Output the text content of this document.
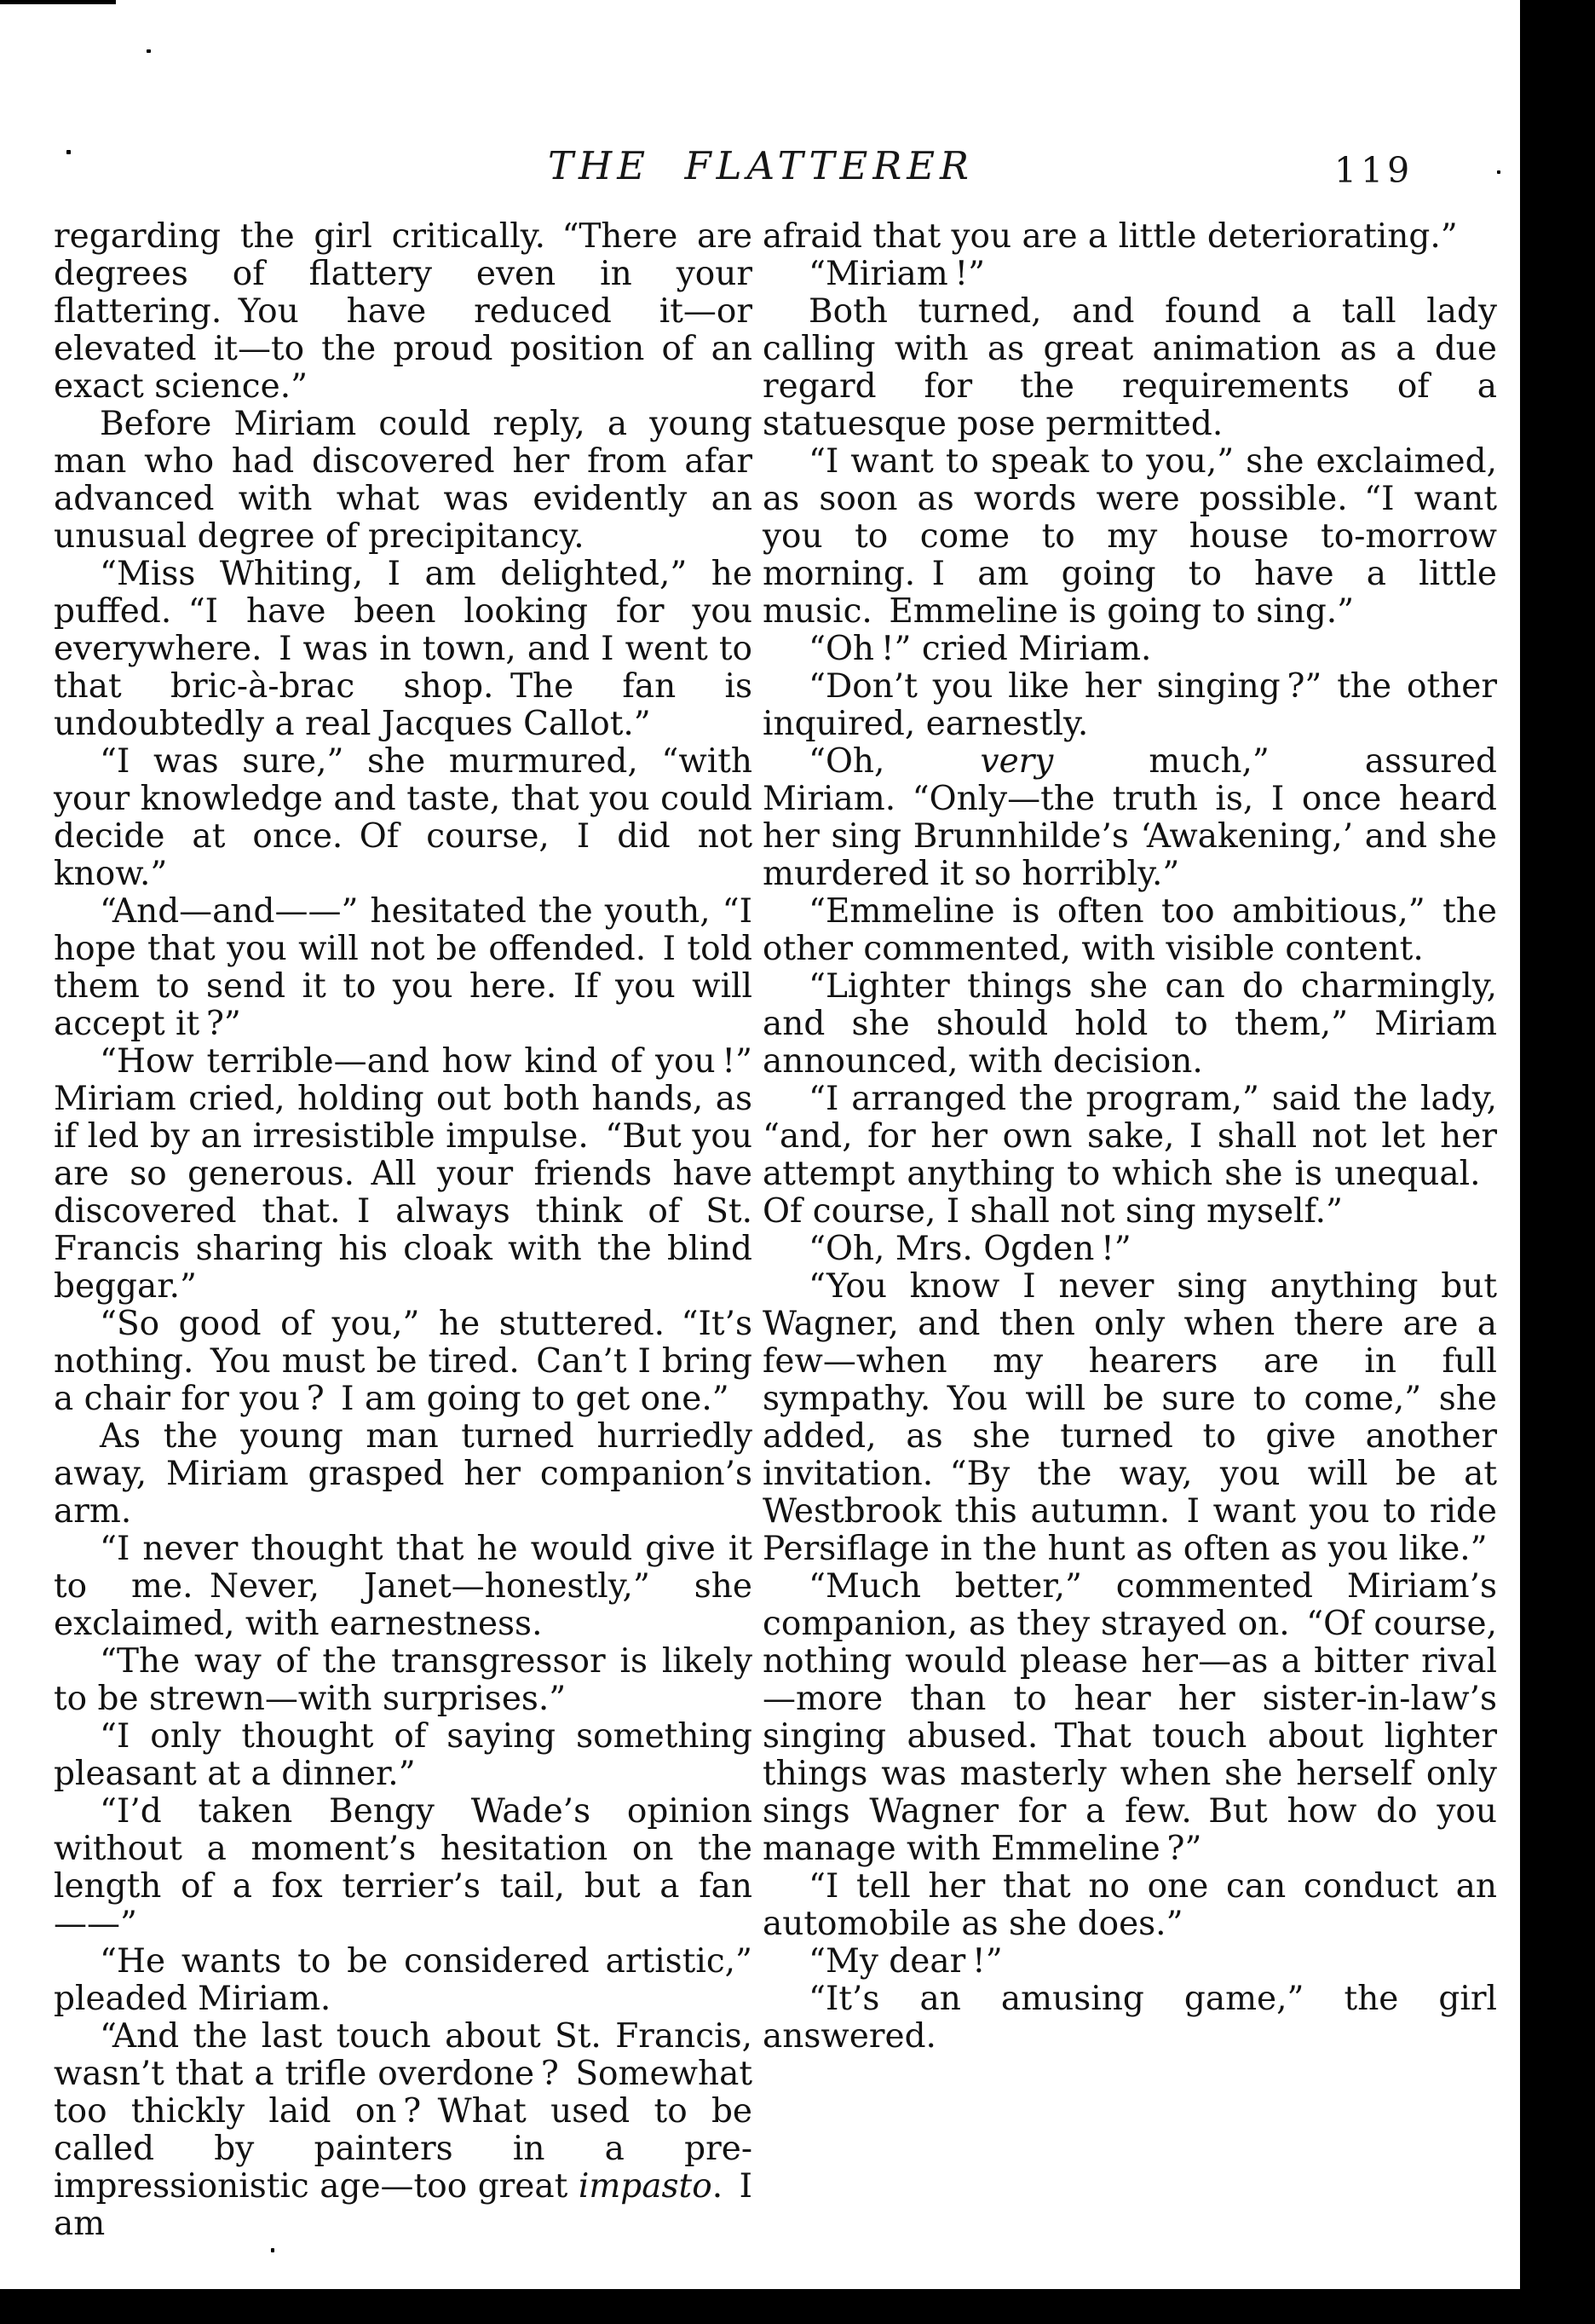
THE FLATTERER	119

regarding the girl critically. “There are degrees of flattery even in your flattering. You have reduced it—or elevated it—to the proud position of an exact science.”

Before Miriam could reply, a young man who had discovered her from afar advanced with what was evidently an unusual degree of precipitancy.

“Miss Whiting, I am delighted,” he puffed. “I have been looking for you everywhere. I was in town, and I went to that bric-à-brac shop. The fan is undoubtedly a real Jacques Callot.”

“I was sure,” she murmured, “with your knowledge and taste, that you could decide at once. Of course, I did not know.”

“And—and——” hesitated the youth, “I hope that you will not be offended. I told them to send it to you here. If you will accept it ?”

“How terrible—and how kind of you !” Miriam cried, holding out both hands, as if led by an irresistible impulse. “But you are so generous. All your friends have discovered that. I always think of St. Francis sharing his cloak with the blind beggar.”

“So good of you,” he stuttered. “It’s nothing. You must be tired. Can’t I bring a chair for you ? I am going to get one.”

As the young man turned hurriedly away, Miriam grasped her companion’s arm.

“I never thought that he would give it to me. Never, Janet—honestly,” she exclaimed, with earnestness.

“The way of the transgressor is likely to be strewn—with surprises.”

“I only thought of saying something pleasant at a dinner.”

“I’d taken Bengy Wade’s opinion without a moment’s hesitation on the length of a fox terrier’s tail, but a fan——”

“He wants to be considered artistic,” pleaded Miriam.

“And the last touch about St. Francis, wasn’t that a trifle overdone ? Somewhat too thickly laid on ? What used to be called by painters in a pre-impressionistic age—too great impasto. I am

afraid that you are a little deteriorating.”

“Miriam !”

Both turned, and found a tall lady calling with as great animation as a due regard for the requirements of a statuesque pose permitted.

“I want to speak to you,” she exclaimed, as soon as words were possible. “I want you to come to my house to-morrow morning. I am going to have a little music. Emmeline is going to sing.”

“Oh !” cried Miriam.

“Don’t you like her singing ?” the other inquired, earnestly.

“Oh, very much,” assured Miriam. “Only—the truth is, I once heard her sing Brunnhilde’s ‘Awakening,’ and she murdered it so horribly.”

“Emmeline is often too ambitious,” the other commented, with visible content.

“Lighter things she can do charmingly, and she should hold to them,” Miriam announced, with decision.

“I arranged the program,” said the lady, “and, for her own sake, I shall not let her attempt anything to which she is unequal. Of course, I shall not sing myself.”

“Oh, Mrs. Ogden !”

“You know I never sing anything but Wagner, and then only when there are a few—when my hearers are in full sympathy. You will be sure to come,” she added, as she turned to give another invitation. “By the way, you will be at Westbrook this autumn. I want you to ride Persiflage in the hunt as often as you like.”

“Much better,” commented Miriam’s companion, as they strayed on. “Of course, nothing would please her—as a bitter rival—more than to hear her sister-in-law’s singing abused. That touch about lighter things was masterly when she herself only sings Wagner for a few. But how do you manage with Emmeline ?”

“I tell her that no one can conduct an automobile as she does.”

“My dear !”

“It’s an amusing game,” the girl answered.
